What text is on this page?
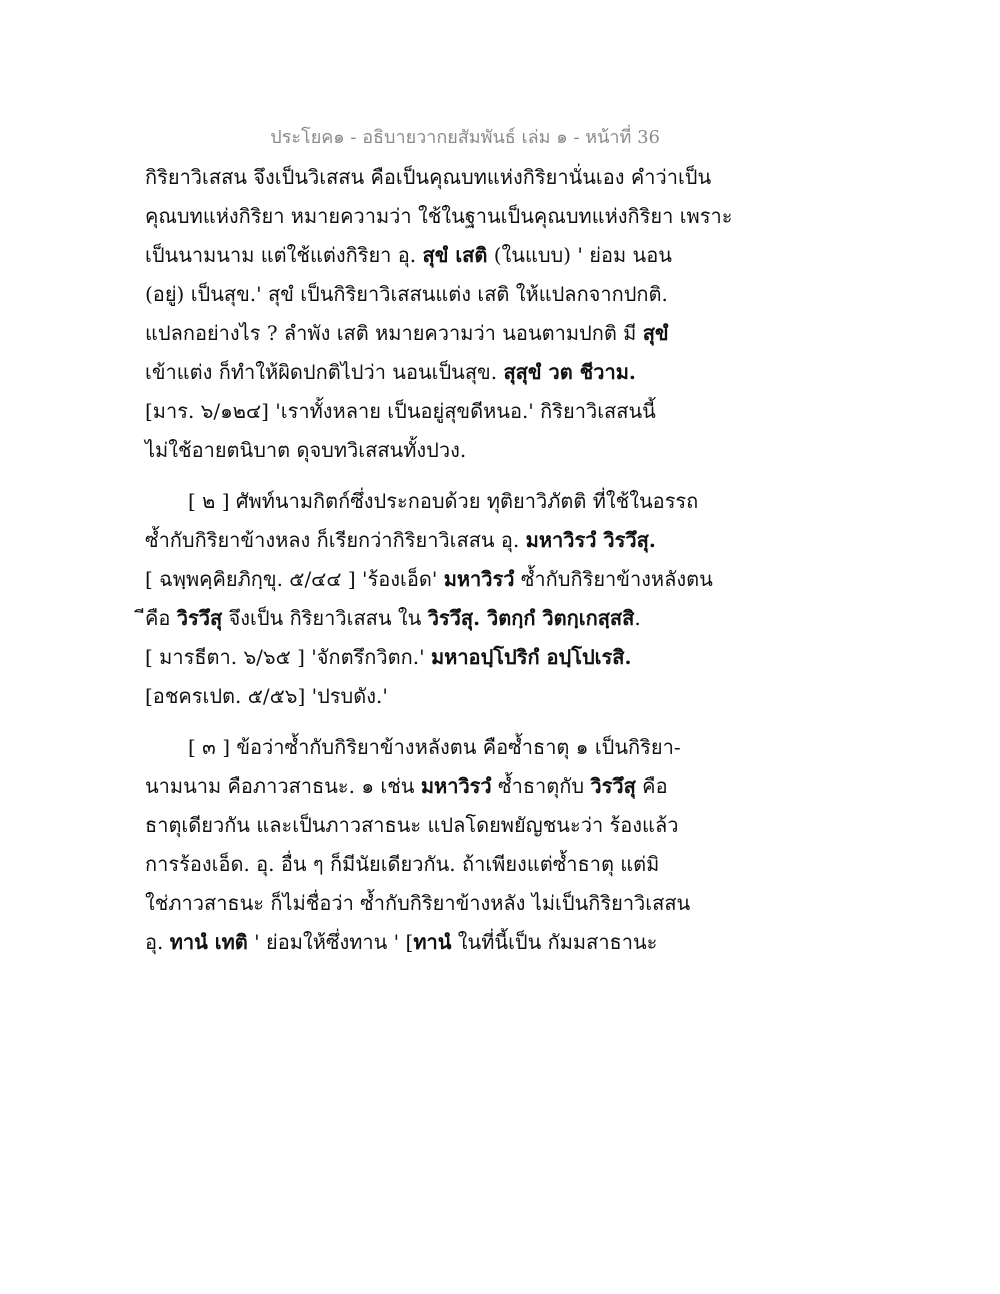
ประโยค๑ - อธิบายวากยสัมพันธ์ เล่ม ๑ - หน้าที่ 36
กิริยาวิเสสน จึงเป็นวิเสสน คือเป็นคุณบทแห่งกิริยานั่นเอง คำว่าเป็น
คุณบทแห่งกิริยา หมายความว่า ใช้ในฐานเป็นคุณบทแห่งกิริยา เพราะ
เป็นนามนาม แต่ใช้แต่งกิริยา อุ. สุขํ เสติ (ในแบบ) ' ย่อม นอน
(อยู่) เป็นสุข.' สุขํ เป็นกิริยาวิเสสนแต่ง เสติ ให้แปลกจากปกติ.
แปลกอย่างไร ? ลำพัง เสติ หมายความว่า นอนตามปกติ มี สุขํ
เข้าแต่ง ก็ทำให้ผิดปกติไปว่า นอนเป็นสุข. สุสุขํ วต ชีวาม.
[มาร. ๖/๑๒๔] 'เราทั้งหลาย เป็นอยู่สุขดีหนอ.' กิริยาวิเสสนนี้
ไม่ใช้อายตนิบาต ดุจบทวิเสสนทั้งปวง.
[ ๒ ] ศัพท์นามกิตก์ซึ่งประกอบด้วย ทุติยาวิภัตติ ที่ใช้ในอรรถ
ซ้ำกับกิริยาข้างหลง ก็เรียกว่ากิริยาวิเสสน อุ. มหาวิรวํ วิรวึสุ.
[ ฉพฺพคฺคิยภิกฺขุ. ๕/๔๔ ] 'ร้องเอ็ด' มหาวิรวํ ซ้ำกับกิริยาข้างหลังตน
ีคือ วิรวึสุ จึงเป็น กิริยาวิเสสน ใน วิรวึสุ. วิตกฺกํ วิตกฺเกสฺสสิ.
[ มารธีตา. ๖/๖๕ ] 'จักตรึกวิตก.' มหาอปฺโปริกํ อปฺโปเรสิ.
[อชครเปต. ๕/๕๖] 'ปรบดัง.'
[ ๓ ] ข้อว่าซ้ำกับกิริยาข้างหลังตน คือซ้ำธาตุ ๑ เป็นกิริยา-
นามนาม คือภาวสาธนะ. ๑ เช่น มหาวิรวํ ซ้ำธาตุกับ วิรวึสุ คือ
ธาตุเดียวกัน และเป็นภาวสาธนะ แปลโดยพยัญชนะว่า ร้องแล้ว
การร้องเอ็ด. อุ. อื่น ๆ ก็มีนัยเดียวกัน. ถ้าเพียงแต่ซ้ำธาตุ แต่มิ
ใช่ภาวสาธนะ ก็ไม่ชื่อว่า ซ้ำกับกิริยาข้างหลัง ไม่เป็นกิริยาวิเสสน
อุ. ทานํ เทติ ' ย่อมให้ซึ่งทาน ' [ทานํ ในที่นี้เป็น กัมมสาธานะ
